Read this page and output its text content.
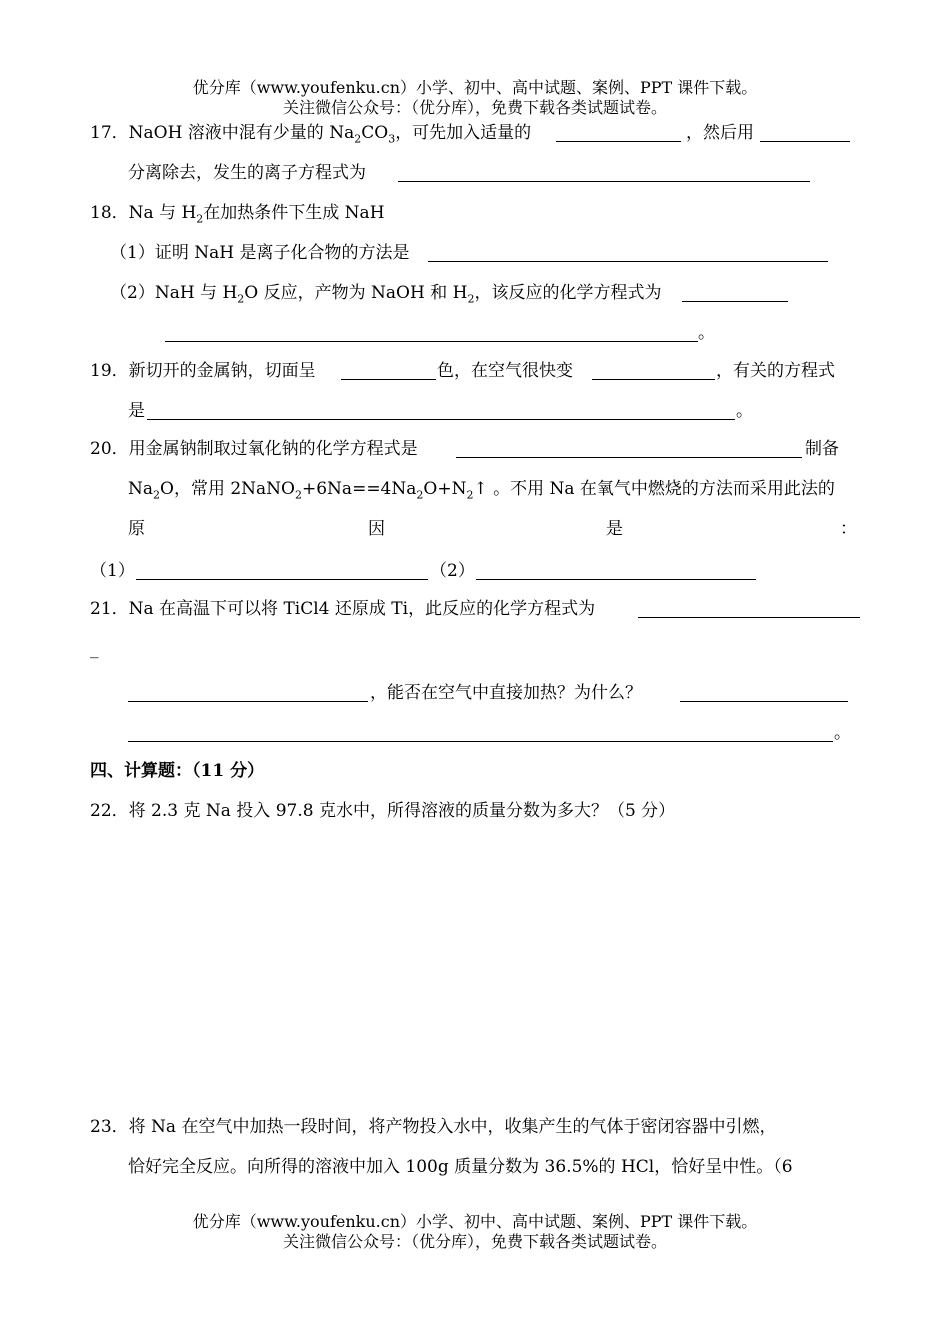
优分库（www.youfenku.cn）小学、初中、高中试题、案例、PPT 课件下载。
关注微信公众号：（优分库），免费下载各类试题试卷。
17．NaOH 溶液中混有少量的 $Na_2CO_3$，可先加入适量的	，然后用
分离除去，发生的离子方程式为
18．Na 与 $H_2$在加热条件下生成 NaH
（1）证明 NaH 是离子化合物的方法是
（2）NaH 与 $H_2O$ 反应，产物为 NaOH 和 $H_2$，该反应的化学方程式为
。
19．新切开的金属钠，切面呈	色，在空气很快变	，有关的方程式
是	。
20．用金属钠制取过氧化钠的化学方程式是	制备
$Na_2O$，常用 $2NaNO_2+6Na==4Na_2O+N_2↑$ 。不用 Na 在氧气中燃烧的方法而采用此法的
原	因	是	：
（1）	（2）
21．Na 在高温下可以将 TiCl4 还原成 Ti，此反应的化学方程式为
_
，能否在空气中直接加热？为什么？
。
四、计算题：（11 分）
22．将 2.3 克 Na 投入 97.8 克水中，所得溶液的质量分数为多大？（5 分）
23．将 Na 在空气中加热一段时间，将产物投入水中，收集产生的气体于密闭容器中引燃，
恰好完全反应。向所得的溶液中加入 100g 质量分数为 36.5%的 HCl，恰好呈中性。（6
优分库（www.youfenku.cn）小学、初中、高中试题、案例、PPT 课件下载。
关注微信公众号：（优分库），免费下载各类试题试卷。
